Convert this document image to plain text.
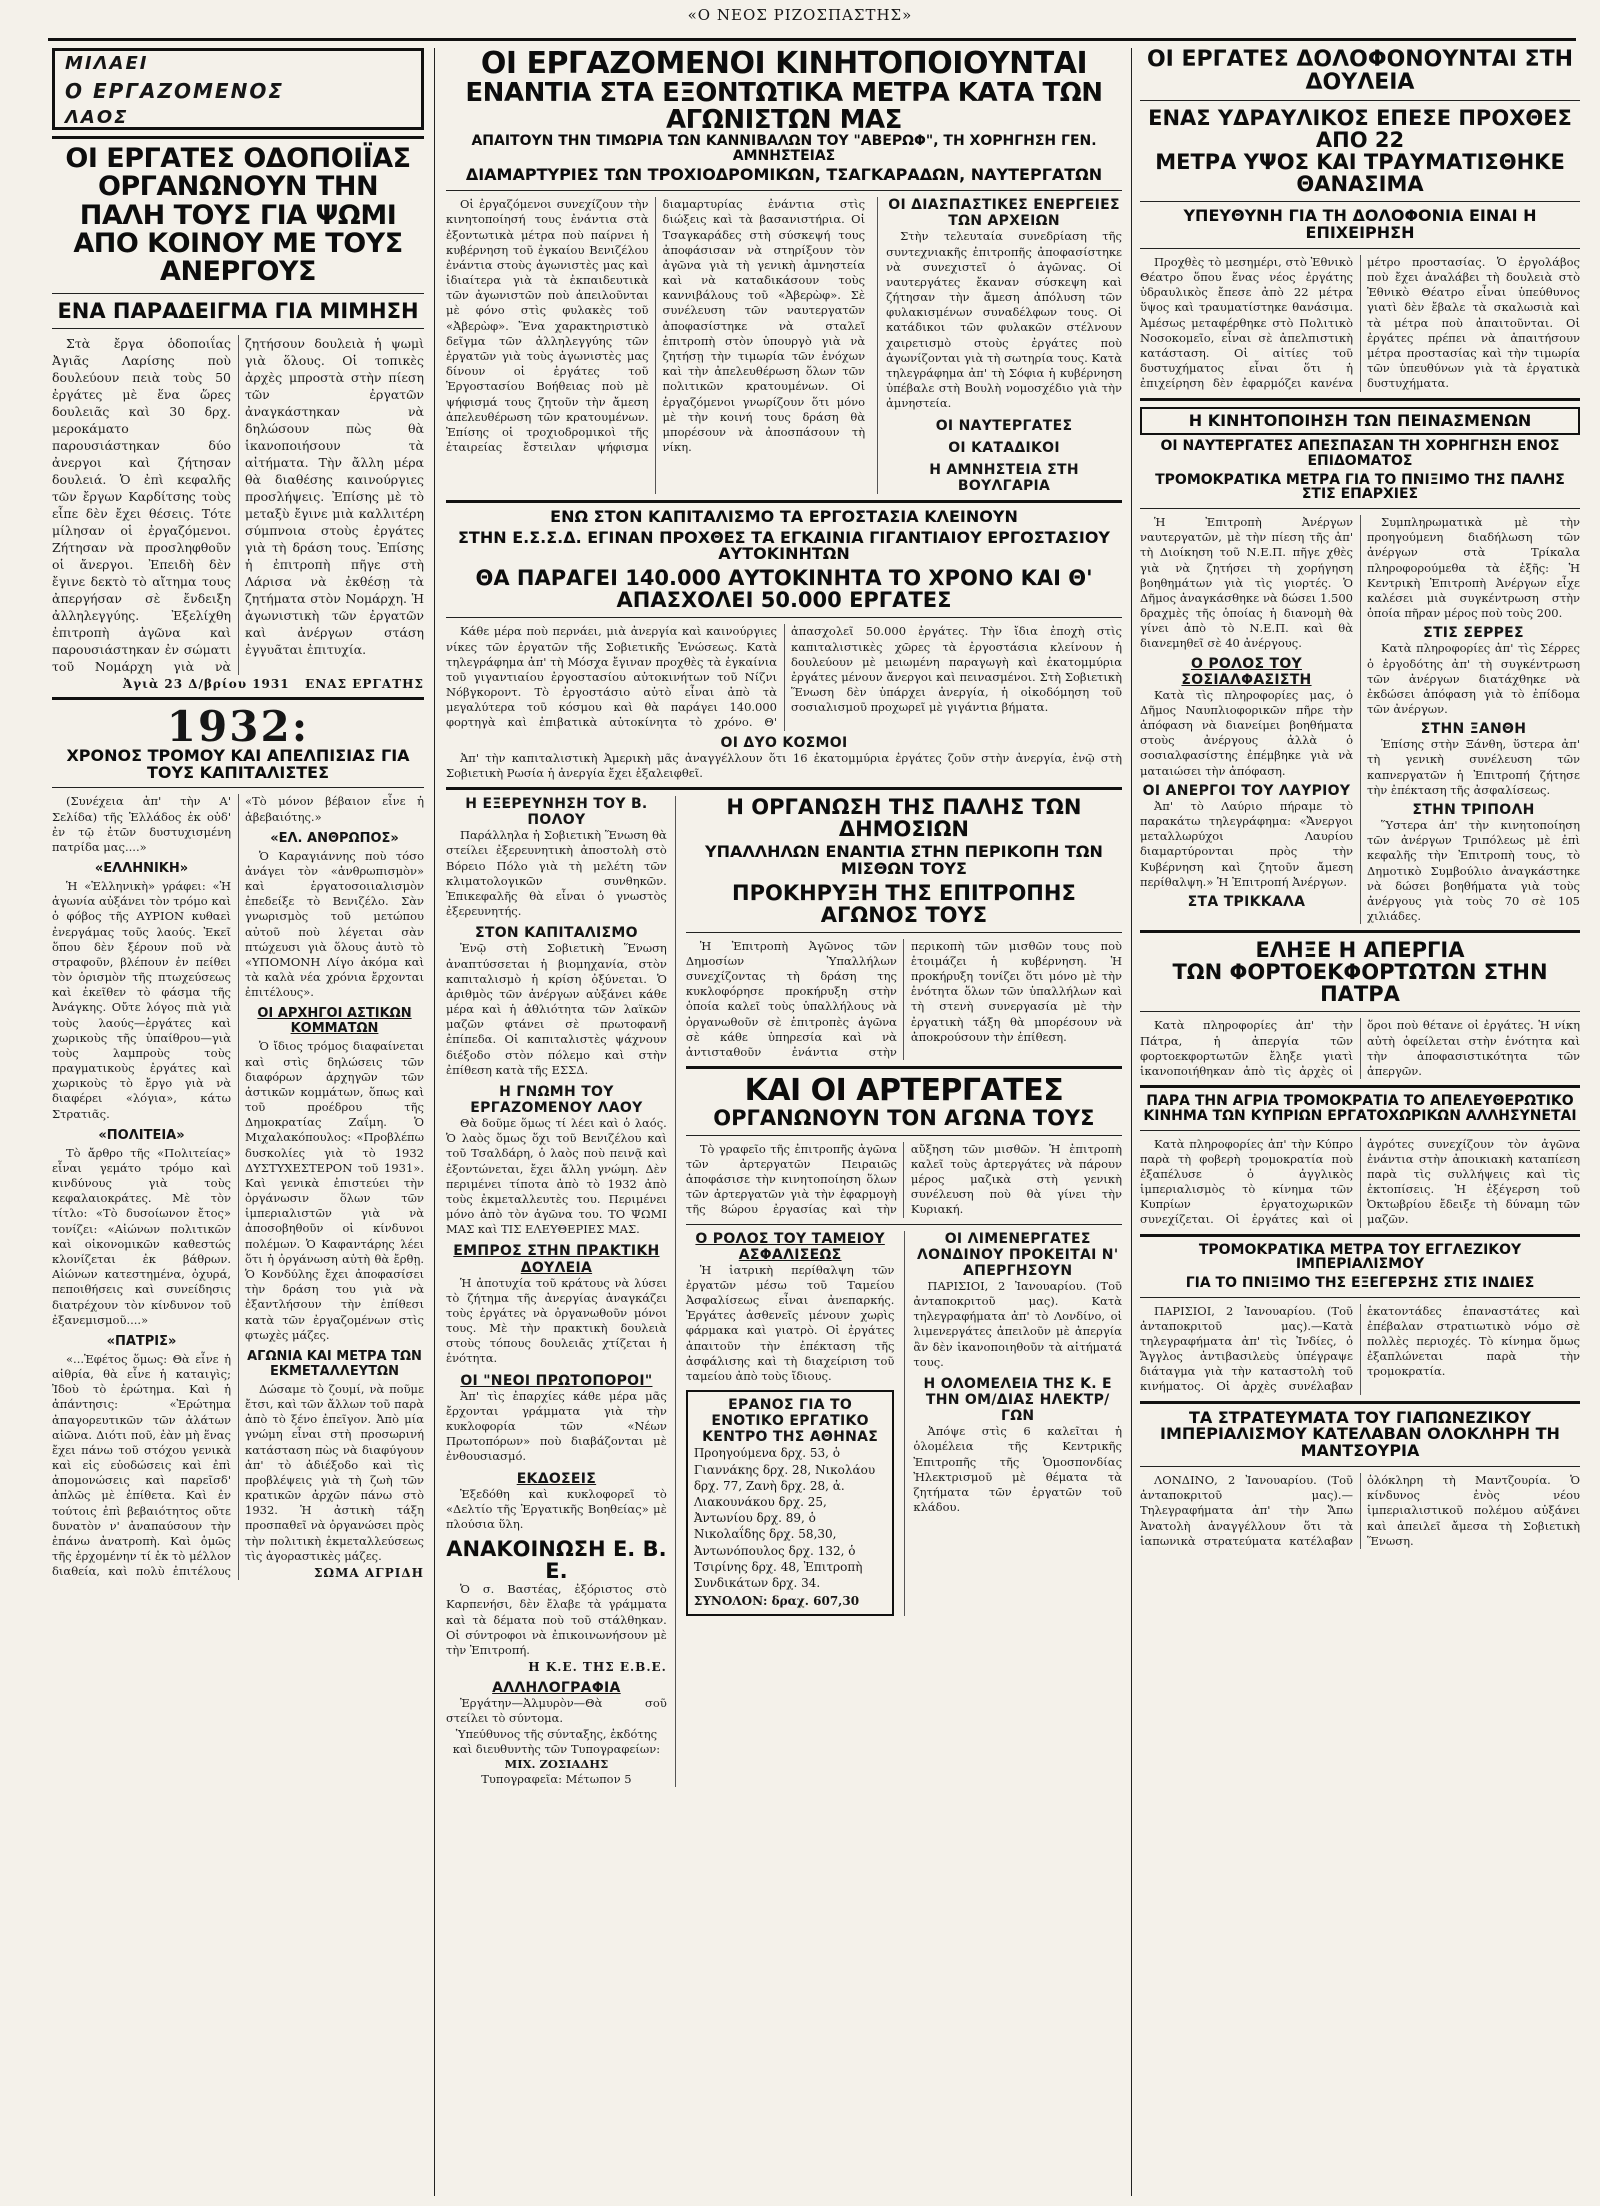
«Ο ΝΕΟΣ ΡΙΖΟΣΠΑΣΤΗΣ»
ΜΙΛΑΕΙ
Ο ΕΡΓΑΖΟΜΕΝΟΣ
ΛΑΟΣ
ΟΙ ΕΡΓΑΤΕΣ ΟΔΟΠΟΙΪΑΣ ΟΡΓΑΝΩΝΟΥΝ ΤΗΝ ΠΑΛΗ ΤΟΥΣ ΓΙΑ ΨΩΜΙ ΑΠΟ ΚΟΙΝΟΥ ΜΕ ΤΟΥΣ ΑΝΕΡΓΟΥΣ
ΕΝΑ ΠΑΡΑΔΕΙΓΜΑ ΓΙΑ ΜΙΜΗΣΗ
Στὰ ἔργα ὁδοποιΐας Ἀγιᾶς Λαρίσης ποὺ δουλεύουν πειὰ τοὺς 50 ἐργάτες μὲ ἕνα ὥρες δουλειᾶς καὶ 30 δρχ. μεροκάματο παρουσιάστηκαν δύο ἀνεργοι καὶ ζήτησαν δουλειά. Ὁ ἐπὶ κεφαλῆς τῶν ἔργων Καρδίτσης τοὺς εἶπε δὲν ἔχει θέσεις. Τότε μίλησαν οἱ ἐργαζόμενοι. Ζήτησαν νὰ προσληφθοῦν οἱ ἄνεργοι. Ἐπειδὴ δὲν ἔγινε δεκτὸ τὸ αἴτημα τους ἀπεργήσαν σὲ ἔνδειξη ἀλληλεγγύης. Ἐξελίχθη ἐπιτροπὴ ἀγῶνα καὶ παρουσιάστηκαν ἐν σώματι τοῦ Νομάρχη γιὰ νὰ ζητήσουν δουλειὰ ἡ ψωμὶ γιὰ ὅλους. Οἱ τοπικὲς ἀρχὲς μπροστὰ στὴν πίεση τῶν ἐργατῶν ἀναγκάστηκαν νὰ δηλώσουν πὼς θὰ ἱκανοποιήσουν τὰ αἰτήματα. Τὴν ἄλλη μέρα θὰ διαθέσης καινούργιες προσλήψεις. Ἐπίσης μὲ τὸ μεταξὺ ἔγινε μιὰ καλλιτέρη σύμπνοια στοὺς ἐργάτες γιὰ τὴ δράση τους. Ἐπίσης ἡ ἐπιτροπὴ πῆγε στὴ Λάρισα νὰ ἐκθέσῃ τὰ ζητήματα στὸν Νομάρχη. Ἡ ἀγωνιστικὴ τῶν ἐργατῶν καὶ ἀνέργων στάση ἐγγυᾶται ἐπιτυχία.
Ἀγιὰ 23 Δ/βρίου 1931 ΕΝΑΣ ΕΡΓΑΤΗΣ
1932:
ΧΡΟΝΟΣ ΤΡΟΜΟΥ ΚΑΙ ΑΠΕΛΠΙΣΙΑΣ ΓΙΑ ΤΟΥΣ ΚΑΠΙΤΑΛΙΣΤΕΣ
(Συνέχεια ἀπ' τὴν Α' Σελίδα) τῆς Ἑλλάδος ἐκ οὐδ' ἐν τῷ ἐτῶν δυστυχισμένη πατρίδα μας....»
«ΕΛΛΗΝΙΚΗ»
Ἡ «Ἑλληνικὴ» γράφει: «Ἡ ἀγωνία αὐξάνει τὸν τρόμο καὶ ὁ φόβος τῆς ΑΥΡΙΟΝ κυθαεὶ ἐνεργάμας τοῦς λαούς. Ἐκεῖ ὅπου δὲν ξέρουν ποῦ νὰ στραφοῦν, βλέπουν ἐν πείθει τὸν ὁρισμὸν τῆς πτωχεύσεως καὶ ἐκεῖθεν τὸ φάσμα τῆς Ἀνάγκης. Οὔτε λόγος πιὰ γιὰ τοὺς λαούς—ἐργάτες καὶ χωρικοὺς τῆς ὑπαίθρου—γιὰ τοὺς λαμπροὺς τοὺς πραγματικοὺς ἐργάτες καὶ χωρικοὺς τὸ ἔργο γιὰ νὰ διαφέρει «λόγια», κάτω Στρατιᾶς.
«ΠΟΛΙΤΕΙΑ»
Τὸ ἄρθρο τῆς «Πολιτείας» εἶναι γεμάτο τρόμο καὶ κινδύνους γιὰ τοὺς κεφαλαιοκράτες. Μὲ τὸν τίτλο: «Τὸ δυσοίωνον ἔτος» τονίζει: «Αἰώνων πολιτικῶν καὶ οἰκονομικῶν καθεστώς κλονίζεται ἐκ βάθρων. Αἰώνων κατεστημένα, ὀχυρά, πεποιθήσεις καὶ συνείδησις διατρέχουν τὸν κίνδυνον τοῦ ἐξανεμισμοῦ....»
«ΠΑΤΡΙΣ»
«...Ἐφέτος ὅμως: Θὰ εἶνε ἡ αἰθρία, θὰ εἶνε ἡ καταιγὶς; Ἰδοὺ τὸ ἐρώτημα. Καὶ ἡ ἀπάντησις: «Ἐρώτημα ἀπαγορευτικῶν τῶν ἀλάτων αἰῶνα. Διότι ποῦ, ἐὰν μὴ ἕνας ἔχει πάνω τοῦ στόχου γενικὰ καὶ εἰς εὐοδώσεις καὶ ἐπὶ ἀπομονώσεις καὶ παρεῖσδ' ἀπλῶς μὲ ἐπίθετα. Καὶ ἐν τούτοις ἐπὶ βεβαιότητος οὔτε δυνατὸν ν' ἀναπαύσουν τὴν ἐπάνω ἀνατροπὴ. Καὶ ὁμῶς τῆς ἐρχομένην τί ἐκ τὸ μέλλον διαθεία, καὶ πολὺ ἐπιτέλους «Τὸ μόνον βέβαιον εἶνε ἡ ἀβεβαιότης.»
«ΕΛ. ΑΝΘΡΩΠΟΣ»
Ὁ Καραγιάννης ποὺ τόσο ἀνάγει τὸν «ἀνθρωπισμὸν» καὶ ἐργατοσοιιαλισμὸν ἐπεδείξε τὸ Βενιζέλο. Σὰν γνωρισμὸς τοῦ μετώπου αὐτοῦ ποὺ λέγεται σὰν πτώχευσι γιὰ ὅλους ἀυτὸ τὸ «ΥΠΟΜΟΝΗ Λίγο ἀκόμα καὶ τὰ καλὰ νέα χρόνια ἔρχονται ἐπιτέλους».
ΟΙ ΑΡΧΗΓΟΙ ΑΣΤΙΚΩΝ ΚΟΜΜΑΤΩΝ
Ὁ ἴδιος τρόμος διαφαίνεται καὶ στὶς δηλώσεις τῶν διαφόρων ἀρχηγῶν τῶν ἀστικῶν κομμάτων, ὅπως καὶ τοῦ προέδρου τῆς Δημοκρατίας Ζαΐμη. Ὁ Μιχαλακόπουλος: «Προβλέπω δυσκολίες γιὰ τὸ 1932 ΔΥΣΤΥΧΕΣΤΕΡΟΝ τοῦ 1931». Καὶ γενικὰ ἐπιστεύει τὴν ὀργάνωσιν ὅλων τῶν ἱμπεριαλιστῶν γιὰ νὰ ἀποσοβηθοῦν οἱ κίνδυνοι πολέμων. Ὁ Καφαντάρης λέει ὅτι ἡ ὀργάνωση αὐτὴ θὰ ἔρθῃ. Ὁ Κονδύλης ἔχει ἀποφασίσει τὴν δράση του γιὰ νὰ ἐξαντλήσουν τὴν ἐπίθεσι κατὰ τῶν ἐργαζομένων στὶς φτωχὲς μάζες.
ΑΓΩΝΙΑ ΚΑΙ ΜΕΤΡΑ ΤΩΝ ΕΚΜΕΤΑΛΛΕΥΤΩΝ
Δώσαμε τὸ ζουμί, νὰ ποῦμε ἔτσι, καὶ τῶν ἄλλων τοῦ παρὰ ἀπὸ τὸ ξένο ἐπεῖγον. Ἀπὸ μία γνώμη εἶναι στὴ προσωρινή κατάσταση πὼς νὰ διαφύγουν ἀπ' τὸ ἀδιέξοδο καὶ τὶς προβλέψεις γιὰ τὴ ζωὴ τῶν κρατικῶν ἀρχῶν πάνω στὸ 1932. Ἡ ἀστικὴ τάξη προσπαθεῖ νὰ ὀργανώσει πρὸς τὴν πολιτικὴ ἐκμεταλλεύσεως τὶς ἀγοραστικὲς μάζες.
ΣΩΜΑ ΑΓΡΙΔΗ
ΟΙ ΕΡΓΑΖΟΜΕΝΟΙ ΚΙΝΗΤΟΠΟΙΟΥΝΤΑΙ
ΕΝΑΝΤΙΑ ΣΤΑ ΕΞΟΝΤΩΤΙΚΑ ΜΕΤΡΑ ΚΑΤΑ ΤΩΝ ΑΓΩΝΙΣΤΩΝ ΜΑΣ
ΑΠΑΙΤΟΥΝ ΤΗΝ ΤΙΜΩΡΙΑ ΤΩΝ ΚΑΝΝΙΒΑΛΩΝ ΤΟΥ "ΑΒΕΡΩΦ", ΤΗ ΧΟΡΗΓΗΣΗ ΓΕΝ. ΑΜΝΗΣΤΕΙΑΣ
ΔΙΑΜΑΡΤΥΡΙΕΣ ΤΩΝ ΤΡΟΧΙΟΔΡΟΜΙΚΩΝ, ΤΣΑΓΚΑΡΑΔΩΝ, ΝΑΥΤΕΡΓΑΤΩΝ
Οἱ ἐργαζόμενοι συνεχίζουν τὴν κινητοποίησή τους ἐνάντια στὰ ἐξοντωτικὰ μέτρα ποὺ παίρνει ἡ κυβέρνηση τοῦ ἐγκαίου Βενιζέλου ἐνάντια στοὺς ἀγωνιστὲς μας καὶ ἰδιαίτερα γιὰ τὰ ἐκπαιδευτικὰ τῶν ἀγωνιστῶν ποὺ ἀπειλοῦνται μὲ φόνο στὶς φυλακὲς τοῦ «Ἀβερὼφ». Ἕνα χαρακτηριστικὸ δεῖγμα τῶν ἀλληλεγγύης τῶν ἐργατῶν γιὰ τοὺς ἀγωνιστὲς μας δίνουν οἱ ἐργάτες τοῦ Ἐργοστασίου Βοήθειας ποὺ μὲ ψήφισμά τους ζητοῦν τὴν ἄμεση ἀπελευθέρωση τῶν κρατουμένων. Ἐπίσης οἱ τροχιοδρομικοὶ τῆς ἑταιρείας ἔστειλαν ψήφισμα διαμαρτυρίας ἐνάντια στὶς διώξεις καὶ τὰ βασανιστήρια. Οἱ Τσαγκαράδες στὴ σύσκεψή τους ἀποφάσισαν νὰ στηρίξουν τὸν ἀγῶνα γιὰ τὴ γενικὴ ἀμνηστεία καὶ νὰ καταδικάσουν τοὺς καννιβάλους τοῦ «Ἀβερὼφ». Σὲ συνέλευση τῶν ναυτεργατῶν ἀποφασίστηκε νὰ σταλεῖ ἐπιτροπὴ στὸν ὑπουργὸ γιὰ νὰ ζητήσῃ τὴν τιμωρία τῶν ἐνόχων καὶ τὴν ἀπελευθέρωση ὅλων τῶν πολιτικῶν κρατουμένων. Οἱ ἐργαζόμενοι γνωρίζουν ὅτι μόνο μὲ τὴν κοινή τους δράση θὰ μπορέσουν νὰ ἀποσπάσουν τὴ νίκη.
ΟΙ ΔΙΑΣΠΑΣΤΙΚΕΣ ΕΝΕΡΓΕΙΕΣ ΤΩΝ ΑΡΧΕΙΩΝ
Στὴν τελευταία συνεδρίαση τῆς συντεχνιακῆς ἐπιτροπῆς ἀποφασίστηκε νὰ συνεχιστεῖ ὁ ἀγῶνας. Οἱ ναυτεργάτες ἔκαναν σύσκεψη καὶ ζήτησαν τὴν ἄμεση ἀπόλυση τῶν φυλακισμένων συναδέλφων τους. Οἱ κατάδικοι τῶν φυλακῶν στέλνουν χαιρετισμὸ στοὺς ἐργάτες ποὺ ἀγωνίζονται γιὰ τὴ σωτηρία τους. Κατὰ τηλεγράφημα ἀπ' τὴ Σόφια ἡ κυβέρνηση ὑπέβαλε στὴ Βουλὴ νομοσχέδιο γιὰ τὴν ἀμνηστεία.
ΟΙ ΝΑΥΤΕΡΓΑΤΕΣ
ΟΙ ΚΑΤΑΔΙΚΟΙ
Η ΑΜΝΗΣΤΕΙΑ ΣΤΗ ΒΟΥΛΓΑΡΙΑ
ΕΝΩ ΣΤΟΝ ΚΑΠΙΤΑΛΙΣΜΟ ΤΑ ΕΡΓΟΣΤΑΣΙΑ ΚΛΕΙΝΟΥΝ
ΣΤΗΝ Ε.Σ.Σ.Δ. ΕΓΙΝΑΝ ΠΡΟΧΘΕΣ ΤΑ ΕΓΚΑΙΝΙΑ ΓΙΓΑΝΤΙΑΙΟΥ ΕΡΓΟΣΤΑΣΙΟΥ ΑΥΤΟΚΙΝΗΤΩΝ
ΘΑ ΠΑΡΑΓΕΙ 140.000 ΑΥΤΟΚΙΝΗΤΑ ΤΟ ΧΡΟΝΟ ΚΑΙ Θ' ΑΠΑΣΧΟΛΕΙ 50.000 ΕΡΓΑΤΕΣ
Κάθε μέρα ποὺ περνάει, μιὰ ἀνεργία καὶ καινούργιες νίκες τῶν ἐργατῶν τῆς Σοβιετικῆς Ἑνώσεως. Κατὰ τηλεγράφημα ἀπ' τὴ Μόσχα ἔγιναν προχθὲς τὰ ἐγκαίνια τοῦ γιγαντιαίου ἐργοστασίου αὐτοκινήτων τοῦ Νίζνι Νόβγκοροντ. Τὸ ἐργοστάσιο αὐτὸ εἶναι ἀπὸ τὰ μεγαλύτερα τοῦ κόσμου καὶ θὰ παράγει 140.000 φορτηγὰ καὶ ἐπιβατικὰ αὐτοκίνητα τὸ χρόνο. Θ' ἀπασχολεῖ 50.000 ἐργάτες. Τὴν ἴδια ἐποχὴ στὶς καπιταλιστικὲς χῶρες τὰ ἐργοστάσια κλείνουν ἡ δουλεύουν μὲ μειωμένη παραγωγὴ καὶ ἐκατομμύρια ἐργάτες μένουν ἄνεργοι καὶ πεινασμένοι. Στὴ Σοβιετικὴ Ἕνωση δὲν ὑπάρχει ἀνεργία, ἡ οἰκοδόμηση τοῦ σοσιαλισμοῦ προχωρεῖ μὲ γιγάντια βήματα.
ΟΙ ΔΥΟ ΚΟΣΜΟΙ
Ἀπ' τὴν καπιταλιστικὴ Ἀμερικὴ μᾶς ἀναγγέλλουν ὅτι 16 ἐκατομμύρια ἐργάτες ζοῦν στὴν ἀνεργία, ἐνῷ στὴ Σοβιετικὴ Ρωσία ἡ ἀνεργία ἔχει ἐξαλειφθεῖ.
Η ΕΞΕΡΕΥΝΗΣΗ ΤΟΥ Β. ΠΟΛΟΥ
Παράλληλα ἡ Σοβιετικὴ Ἕνωση θὰ στείλει ἐξερευνητικὴ ἀποστολὴ στὸ Βόρειο Πόλο γιὰ τὴ μελέτη τῶν κλιματολογικῶν συνθηκῶν. Ἐπικεφαλῆς θὰ εἶναι ὁ γνωστὸς ἐξερευνητής.
ΣΤΟΝ ΚΑΠΙΤΑΛΙΣΜΟ
Ἐνῷ στὴ Σοβιετικὴ Ἕνωση ἀναπτύσσεται ἡ βιομηχανία, στὸν καπιταλισμὸ ἡ κρίση ὀξύνεται. Ὁ ἀριθμὸς τῶν ἀνέργων αὐξάνει κάθε μέρα καὶ ἡ ἀθλιότητα τῶν λαϊκῶν μαζῶν φτάνει σὲ πρωτοφανῆ ἐπίπεδα. Οἱ καπιταλιστὲς ψάχνουν διέξοδο στὸν πόλεμο καὶ στὴν ἐπίθεση κατὰ τῆς ΕΣΣΔ.
Η ΓΝΩΜΗ ΤΟΥ ΕΡΓΑΖΟΜΕΝΟΥ ΛΑΟΥ
Θὰ δοῦμε ὅμως τί λέει καὶ ὁ λαός. Ὁ λαὸς ὅμως ὅχι τοῦ Βενιζέλου καὶ τοῦ Τσαλδάρη, ὁ λαὸς ποὺ πεινᾷ καὶ ἐξοντώνεται, ἔχει ἄλλη γνώμη. Δὲν περιμένει τίποτα ἀπὸ τὸ 1932 ἀπὸ τοὺς ἐκμεταλλευτὲς του. Περιμένει μόνο ἀπὸ τὸν ἀγῶνα του. ΤΟ ΨΩΜΙ ΜΑΣ καὶ ΤΙΣ ΕΛΕΥΘΕΡΙΕΣ ΜΑΣ.
ΕΜΠΡΟΣ ΣΤΗΝ ΠΡΑΚΤΙΚΗ ΔΟΥΛΕΙΑ
Ἡ ἀποτυχία τοῦ κράτους νὰ λύσει τὸ ζήτημα τῆς ἀνεργίας ἀναγκάζει τοὺς ἐργάτες νὰ ὀργανωθοῦν μόνοι τους. Μὲ τὴν πρακτικὴ δουλειὰ στοὺς τόπους δουλειᾶς χτίζεται ἡ ἑνότητα.
ΟΙ "ΝΕΟΙ ΠΡΩΤΟΠΟΡΟΙ"
Ἀπ' τὶς ἐπαρχίες κάθε μέρα μᾶς ἔρχονται γράμματα γιὰ τὴν κυκλοφορία τῶν «Νέων Πρωτοπόρων» ποὺ διαβάζονται μὲ ἐνθουσιασμό.
ΕΚΔΟΣΕΙΣ
Ἐξεδόθη καὶ κυκλοφορεῖ τὸ «Δελτίο τῆς Ἐργατικῆς Βοηθείας» μὲ πλούσια ὕλη.
ΑΝΑΚΟΙΝΩΣΗ Ε. Β. Ε.
Ὁ σ. Βαστέας, ἐξόριστος στὸ Καρπενήσι, δὲν ἔλαβε τὰ γράμματα καὶ τὰ δέματα ποὺ τοῦ στάλθηκαν. Οἱ σύντροφοι νὰ ἐπικοινωνήσουν μὲ τὴν Ἐπιτροπή.
Η Κ.Ε. ΤΗΣ Ε.Β.Ε.
ΑΛΛΗΛΟΓΡΑΦΙΑ
Ἐργάτην—Ἀλμυρὸν—Θὰ σοῦ στείλει τὸ σύντομα.
Ὑπεύθυνος τῆς σύνταξης, ἐκδότης καὶ διευθυντὴς τῶν Τυπογραφείων:
ΜΙΧ. ΖΟΣΙΑΔΗΣ
Τυπογραφεῖα: Μέτωπον 5
Η ΟΡΓΑΝΩΣΗ ΤΗΣ ΠΑΛΗΣ ΤΩΝ ΔΗΜΟΣΙΩΝ
ΥΠΑΛΛΗΛΩΝ ΕΝΑΝΤΙΑ ΣΤΗΝ ΠΕΡΙΚΟΠΗ ΤΩΝ ΜΙΣΘΩΝ ΤΟΥΣ
ΠΡΟΚΗΡΥΞΗ ΤΗΣ ΕΠΙΤΡΟΠΗΣ ΑΓΩΝΟΣ ΤΟΥΣ
Ἡ Ἐπιτροπὴ Ἀγῶνος τῶν Δημοσίων Ὑπαλλήλων συνεχίζοντας τὴ δράση της κυκλοφόρησε προκήρυξη στὴν ὁποία καλεῖ τοὺς ὑπαλλήλους νὰ ὀργανωθοῦν σὲ ἐπιτροπὲς ἀγῶνα σὲ κάθε ὑπηρεσία καὶ νὰ ἀντισταθοῦν ἐνάντια στὴν περικοπὴ τῶν μισθῶν τους ποὺ ἑτοιμάζει ἡ κυβέρνηση. Ἡ προκήρυξη τονίζει ὅτι μόνο μὲ τὴν ἑνότητα ὅλων τῶν ὑπαλλήλων καὶ τὴ στενὴ συνεργασία μὲ τὴν ἐργατικὴ τάξη θὰ μπορέσουν νὰ ἀποκρούσουν τὴν ἐπίθεση.
ΚΑΙ ΟΙ ΑΡΤΕΡΓΑΤΕΣ
ΟΡΓΑΝΩΝΟΥΝ ΤΟΝ ΑΓΩΝΑ ΤΟΥΣ
Τὸ γραφεῖο τῆς ἐπιτροπῆς ἀγῶνα τῶν ἀρτεργατῶν Πειραιῶς ἀποφάσισε τὴν κινητοποίηση ὅλων τῶν ἀρτεργατῶν γιὰ τὴν ἐφαρμογὴ τῆς 8ώρου ἐργασίας καὶ τὴν αὔξηση τῶν μισθῶν. Ἡ ἐπιτροπὴ καλεῖ τοὺς ἀρτεργάτες νὰ πάρουν μέρος μαζικὰ στὴ γενικὴ συνέλευση ποὺ θὰ γίνει τὴν Κυριακή.
Ο ΡΟΛΟΣ ΤΟΥ ΤΑΜΕΙΟΥ ΑΣΦΑΛΙΣΕΩΣ
Ἡ ἰατρικὴ περίθαλψη τῶν ἐργατῶν μέσω τοῦ Ταμείου Ἀσφαλίσεως εἶναι ἀνεπαρκής. Ἐργάτες ἀσθενεῖς μένουν χωρὶς φάρμακα καὶ γιατρὸ. Οἱ ἐργάτες ἀπαιτοῦν τὴν ἐπέκταση τῆς ἀσφάλισης καὶ τὴ διαχείριση τοῦ ταμείου ἀπὸ τοὺς ἴδιους.
ΕΡΑΝΟΣ ΓΙΑ ΤΟ ΕΝΟΤΙΚΟ ΕΡΓΑΤΙΚΟ ΚΕΝΤΡΟ ΤΗΣ ΑΘΗΝΑΣ
Προηγούμενα δρχ. 53, ὁ Γιαννάκης δρχ. 28, Νικολάου δρχ. 77, Ζανὴ δρχ. 28, ἀ. Λιακουνάκου δρχ. 25, Ἀντωνίου δρχ. 89, ὁ Νικολαΐδης δρχ. 58,30, Ἀντωνόπουλος δρχ. 132, ὁ Τσιρίνης δρχ. 48, Ἐπιτροπὴ Συνδικάτων δρχ. 34.
ΣΥΝΟΛΟΝ: δραχ. 607,30
ΟΙ ΛΙΜΕΝΕΡΓΑΤΕΣ ΛΟΝΔΙΝΟΥ ΠΡΟΚΕΙΤΑΙ Ν' ΑΠΕΡΓΗΣΟΥΝ
ΠΑΡΙΣΙΟΙ, 2 Ἰανουαρίου. (Τοῦ ἀνταποκριτοῦ μας). Κατὰ τηλεγραφήματα ἀπ' τὸ Λονδίνο, οἱ λιμενεργάτες ἀπειλοῦν μὲ ἀπεργία ἂν δὲν ἱκανοποιηθοῦν τὰ αἰτήματά τους.
Η ΟΛΟΜΕΛΕΙΑ ΤΗΣ Κ. Ε ΤΗΝ ΟΜ/ΔΙΑΣ ΗΛΕΚΤΡ/ΓΩΝ
Ἀπόψε στὶς 6 καλεῖται ἡ ὁλομέλεια τῆς Κεντρικῆς Ἐπιτροπῆς τῆς Ὁμοσπονδίας Ἠλεκτρισμοῦ μὲ θέματα τὰ ζητήματα τῶν ἐργατῶν τοῦ κλάδου.
ΟΙ ΕΡΓΑΤΕΣ ΔΟΛΟΦΟΝΟΥΝΤΑΙ ΣΤΗ ΔΟΥΛΕΙΑ
ΕΝΑΣ ΥΔΡΑΥΛΙΚΟΣ ΕΠΕΣΕ ΠΡΟΧΘΕΣ ΑΠΟ 22
ΜΕΤΡΑ ΥΨΟΣ ΚΑΙ ΤΡΑΥΜΑΤΙΣΘΗΚΕ ΘΑΝΑΣΙΜΑ
ΥΠΕΥΘΥΝΗ ΓΙΑ ΤΗ ΔΟΛΟΦΟΝΙΑ ΕΙΝΑΙ Η ΕΠΙΧΕΙΡΗΣΗ
Προχθὲς τὸ μεσημέρι, στὸ Ἐθνικὸ Θέατρο ὅπου ἕνας νέος ἐργάτης ὑδραυλικὸς ἔπεσε ἀπὸ 22 μέτρα ὕψος καὶ τραυματίστηκε θανάσιμα. Ἀμέσως μεταφέρθηκε στὸ Πολιτικὸ Νοσοκομεῖο, εἶναι σὲ ἀπελπιστικὴ κατάσταση. Οἱ αἰτίες τοῦ δυστυχήματος εἶναι ὅτι ἡ ἐπιχείρηση δὲν ἐφαρμόζει κανένα μέτρο προστασίας. Ὁ ἐργολάβος ποὺ ἔχει ἀναλάβει τὴ δουλειὰ στὸ Ἐθνικὸ Θέατρο εἶναι ὑπεύθυνος γιατὶ δὲν ἔβαλε τὰ σκαλωσιὰ καὶ τὰ μέτρα ποὺ ἀπαιτοῦνται. Οἱ ἐργάτες πρέπει νὰ ἀπαιτήσουν μέτρα προστασίας καὶ τὴν τιμωρία τῶν ὑπευθύνων γιὰ τὰ ἐργατικὰ δυστυχήματα.
Η ΚΙΝΗΤΟΠΟΙΗΣΗ ΤΩΝ ΠΕΙΝΑΣΜΕΝΩΝ
ΟΙ ΝΑΥΤΕΡΓΑΤΕΣ ΑΠΕΣΠΑΣΑΝ ΤΗ ΧΟΡΗΓΗΣΗ ΕΝΟΣ ΕΠΙΔΟΜΑΤΟΣ
ΤΡΟΜΟΚΡΑΤΙΚΑ ΜΕΤΡΑ ΓΙΑ ΤΟ ΠΝΙΞΙΜΟ ΤΗΣ ΠΑΛΗΣ ΣΤΙΣ ΕΠΑΡΧΙΕΣ
Ἡ Ἐπιτροπὴ Ἀνέργων ναυτεργατῶν, μὲ τὴν πίεση τῆς ἀπ' τὴ Διοίκηση τοῦ Ν.Ε.Π. πῆγε χθὲς γιὰ νὰ ζητήσει τὴ χορήγηση βοηθημάτων γιὰ τὶς γιορτές. Ὁ Δῆμος ἀναγκάσθηκε νὰ δώσει 1.500 δραχμὲς τῆς ὁποίας ἡ διανομὴ θὰ γίνει ἀπὸ τὸ Ν.Ε.Π. καὶ θὰ διανεμηθεῖ σὲ 40 ἀνέργους.
Ο ΡΟΛΟΣ ΤΟΥ ΣΟΣΙΑΛΦΑΣΙΣΤΗ
Κατὰ τὶς πληροφορίες μας, ὁ Δῆμος Ναυπλιοφορικῶν πῆρε τὴν ἀπόφαση νὰ διανείμει βοηθήματα στοὺς ἀνέργους ἀλλὰ ὁ σοσιαλφασίστης ἐπέμβηκε γιὰ νὰ ματαιώσει τὴν ἀπόφαση.
ΟΙ ΑΝΕΡΓΟΙ ΤΟΥ ΛΑΥΡΙΟΥ
Ἀπ' τὸ Λαύριο πήραμε τὸ παρακάτω τηλεγράφημα: «Ἄνεργοι μεταλλωρύχοι Λαυρίου διαμαρτύρονται πρὸς τὴν Κυβέρνηση καὶ ζητοῦν ἄμεση περίθαλψη.» Ἡ Ἐπιτροπή Ἀνέργων.
ΣΤΑ ΤΡΙΚΚΑΛΑ
Συμπληρωματικὰ μὲ τὴν προηγούμενη διαδήλωση τῶν ἀνέργων στὰ Τρίκαλα πληροφορούμεθα τὰ ἐξῆς: Ἡ Κεντρικὴ Ἐπιτροπὴ Ἀνέργων εἶχε καλέσει μιὰ συγκέντρωση στὴν ὁποία πῆραν μέρος ποὺ τοὺς 200.
ΣΤΙΣ ΣΕΡΡΕΣ
Κατὰ πληροφορίες ἀπ' τὶς Σέρρες ὁ ἐργοδότης ἀπ' τὴ συγκέντρωση τῶν ἀνέργων διατάχθηκε νὰ ἐκδώσει ἀπόφαση γιὰ τὸ ἐπίδομα τῶν ἀνέργων.
ΣΤΗΝ ΞΑΝΘΗ
Ἐπίσης στὴν Ξάνθη, ὕστερα ἀπ' τὴ γενικὴ συνέλευση τῶν καπνεργατῶν ἡ Ἐπιτροπή ζήτησε τὴν ἐπέκταση τῆς ἀσφαλίσεως.
ΣΤΗΝ ΤΡΙΠΟΛΗ
Ὕστερα ἀπ' τὴν κινητοποίηση τῶν ἀνέργων Τριπόλεως μὲ ἐπὶ κεφαλῆς τὴν Ἐπιτροπὴ τους, τὸ Δημοτικὸ Συμβούλιο ἀναγκάστηκε νὰ δώσει βοηθήματα γιὰ τοὺς ἀνέργους γιὰ τοὺς 70 σὲ 105 χιλιάδες.
ΕΛΗΞΕ Η ΑΠΕΡΓΙΑ
ΤΩΝ ΦΟΡΤΟΕΚΦΟΡΤΩΤΩΝ ΣΤΗΝ ΠΑΤΡΑ
Κατὰ πληροφορίες ἀπ' τὴν Πάτρα, ἡ ἀπεργία τῶν φορτοεκφορτωτῶν ἔληξε γιατὶ ἱκανοποιήθηκαν ἀπὸ τὶς ἀρχὲς οἱ ὅροι ποὺ θέτανε οἱ ἐργάτες. Ἡ νίκη αὐτὴ ὀφείλεται στὴν ἑνότητα καὶ τὴν ἀποφασιστικότητα τῶν ἀπεργῶν.
ΠΑΡΑ ΤΗΝ ΑΓΡΙΑ ΤΡΟΜΟΚΡΑΤΙΑ ΤΟ ΑΠΕΛΕΥΘΕΡΩΤΙΚΟ ΚΙΝΗΜΑ ΤΩΝ ΚΥΠΡΙΩΝ ΕΡΓΑΤΟΧΩΡΙΚΩΝ ΑΛΛΗΣΥΝΕΤΑΙ
Κατὰ πληροφορίες ἀπ' τὴν Κύπρο παρὰ τὴ φοβερὴ τρομοκρατία ποὺ ἐξαπέλυσε ὁ ἀγγλικὸς ἱμπεριαλισμὸς τὸ κίνημα τῶν Κυπρίων ἐργατοχωρικῶν συνεχίζεται. Οἱ ἐργάτες καὶ οἱ ἀγρότες συνεχίζουν τὸν ἀγῶνα ἐνάντια στὴν ἀποικιακὴ καταπίεση παρὰ τὶς συλλήψεις καὶ τὶς ἐκτοπίσεις. Ἡ ἐξέγερση τοῦ Ὀκτωβρίου ἔδειξε τὴ δύναμη τῶν μαζῶν.
ΤΡΟΜΟΚΡΑΤΙΚΑ ΜΕΤΡΑ ΤΟΥ ΕΓΓΛΕΖΙΚΟΥ ΙΜΠΕΡΙΑΛΙΣΜΟΥ
ΓΙΑ ΤΟ ΠΝΙΞΙΜΟ ΤΗΣ ΕΞΕΓΕΡΣΗΣ ΣΤΙΣ ΙΝΔΙΕΣ
ΠΑΡΙΣΙΟΙ, 2 Ἰανουαρίου. (Τοῦ ἀνταποκριτοῦ μας).—Κατὰ τηλεγραφήματα ἀπ' τὶς Ἰνδίες, ὁ Ἄγγλος ἀντιβασιλεὺς ὑπέγραψε διάταγμα γιὰ τὴν καταστολὴ τοῦ κινήματος. Οἱ ἀρχὲς συνέλαβαν ἑκατοντάδες ἐπαναστάτες καὶ ἐπέβαλαν στρατιωτικὸ νόμο σὲ πολλὲς περιοχές. Τὸ κίνημα ὅμως ἐξαπλώνεται παρὰ τὴν τρομοκρατία.
ΤΑ ΣΤΡΑΤΕΥΜΑΤΑ ΤΟΥ ΓΙΑΠΩΝΕΖΙΚΟΥ ΙΜΠΕΡΙΑΛΙΣΜΟΥ ΚΑΤΕΛΑΒΑΝ ΟΛΟΚΛΗΡΗ ΤΗ ΜΑΝΤΣΟΥΡΙΑ
ΛΟΝΔΙΝΟ, 2 Ἰανουαρίου. (Τοῦ ἀνταποκριτοῦ μας).—Τηλεγραφήματα ἀπ' τὴν Ἄπω Ἀνατολὴ ἀναγγέλλουν ὅτι τὰ ἰαπωνικὰ στρατεύματα κατέλαβαν ὁλόκληρη τὴ Μαντζουρία. Ὁ κίνδυνος ἑνὸς νέου ἱμπεριαλιστικοῦ πολέμου αὐξάνει καὶ ἀπειλεῖ ἄμεσα τὴ Σοβιετικὴ Ἕνωση.
